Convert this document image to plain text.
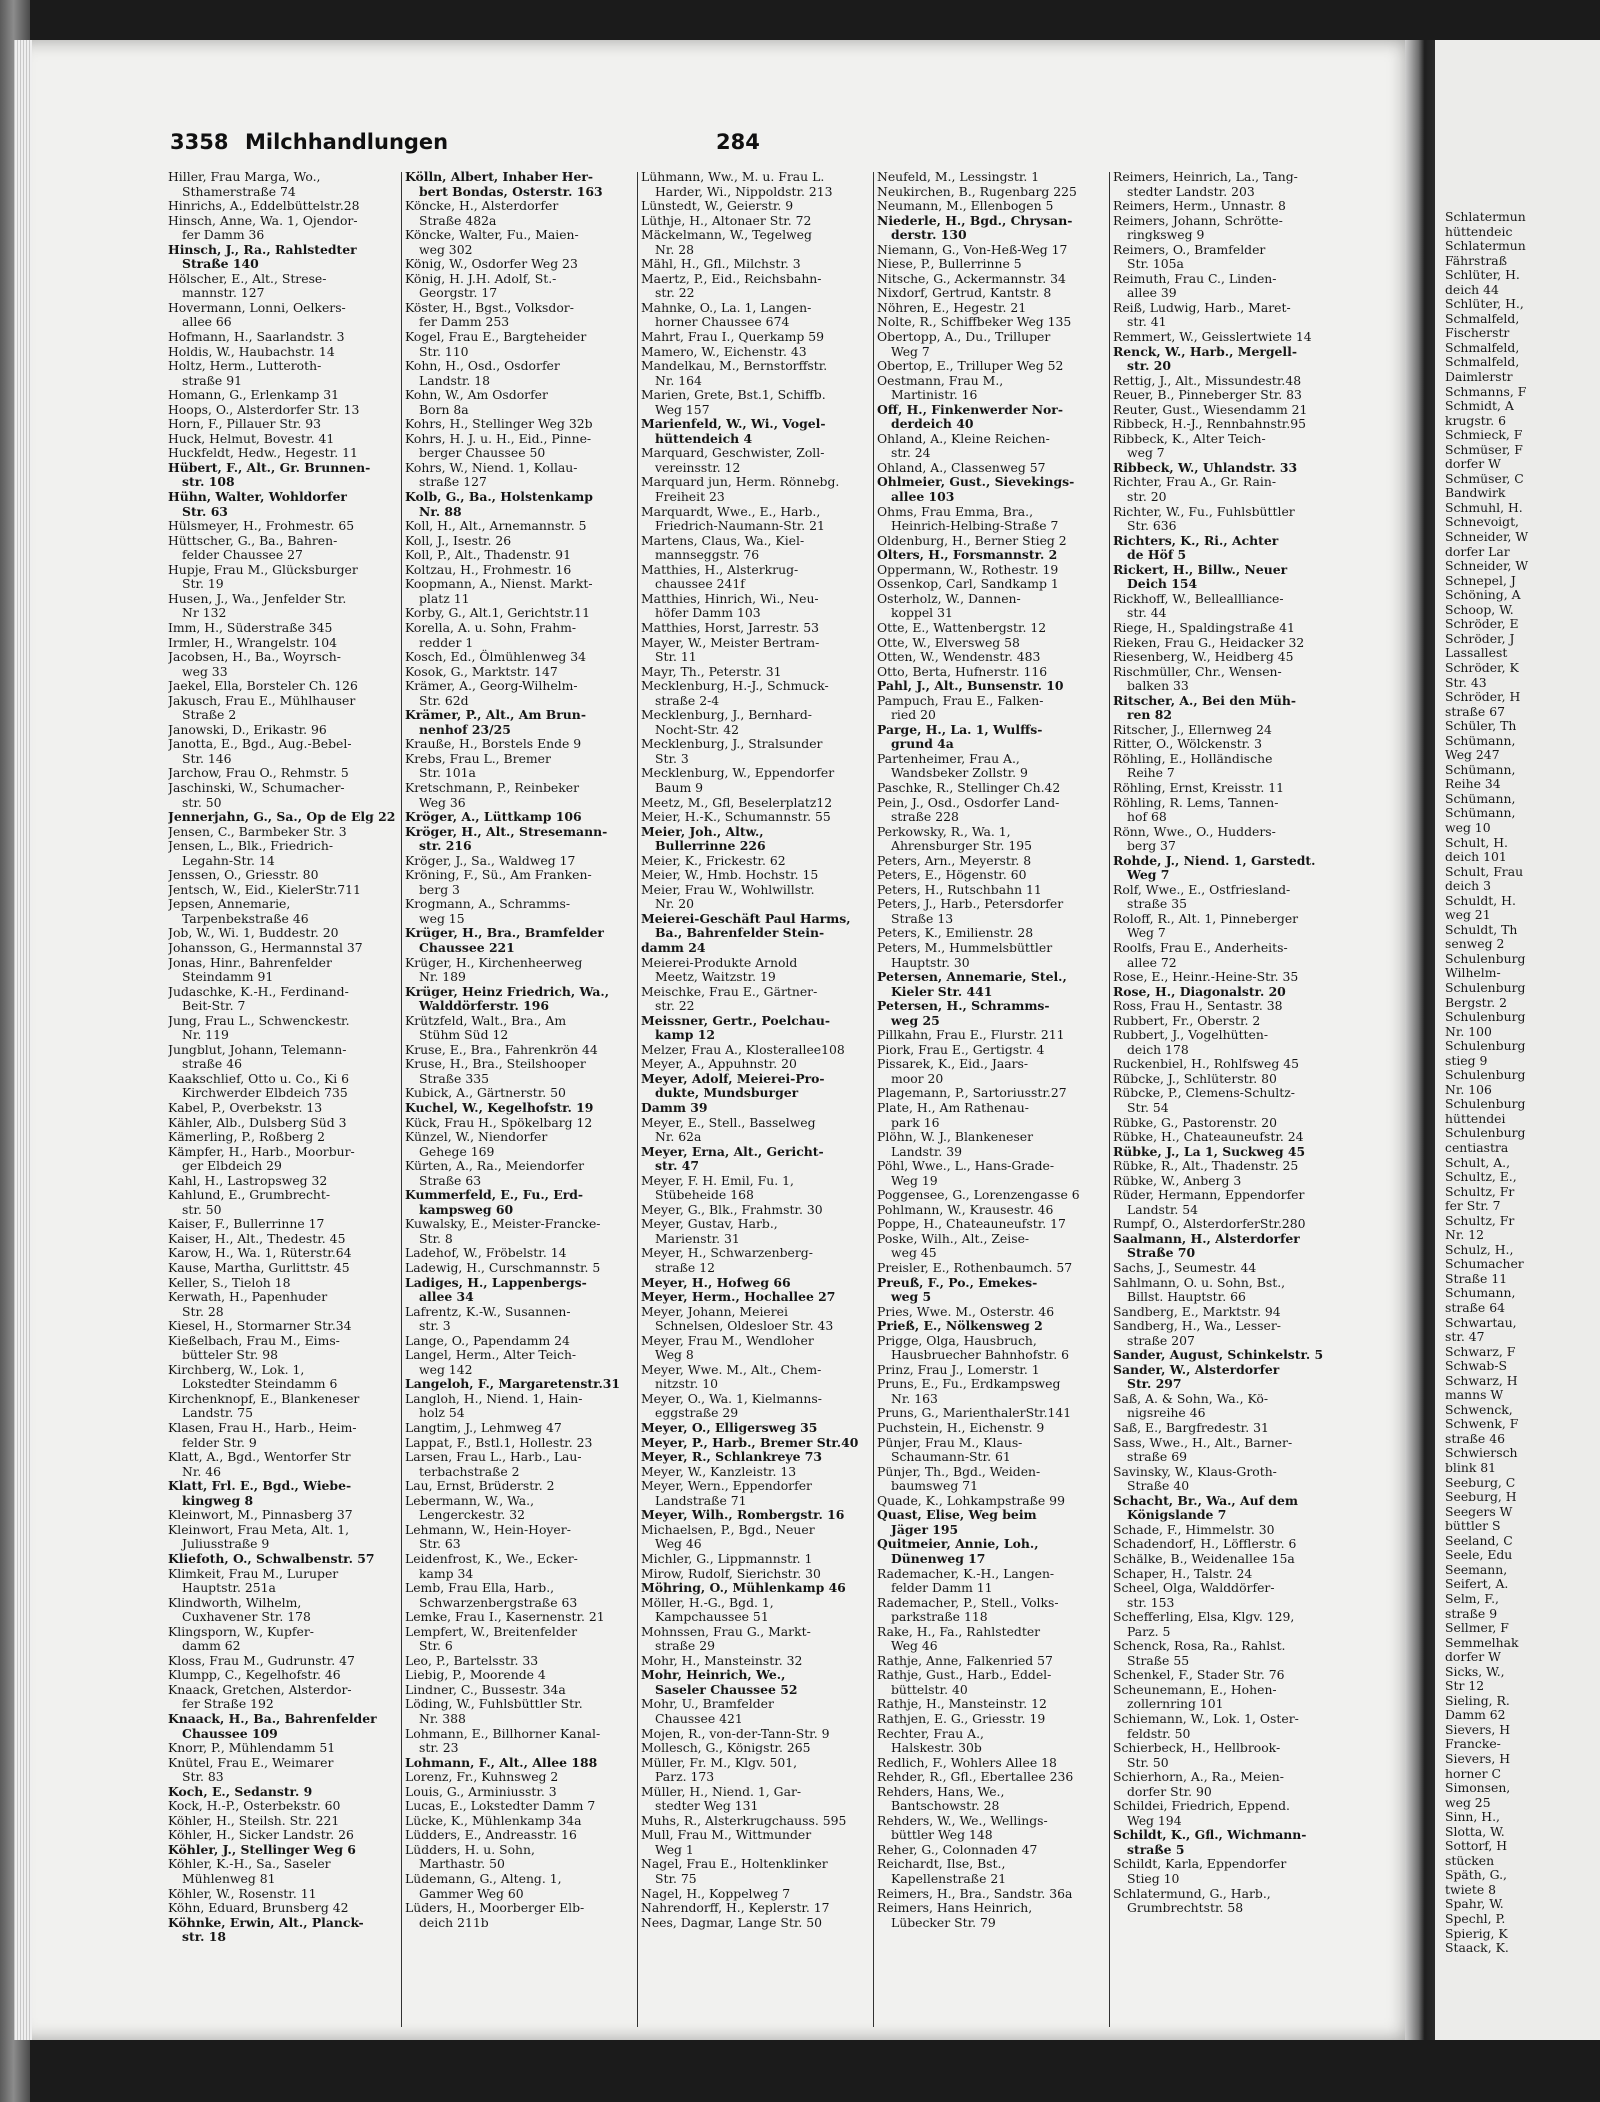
Schlatermun
hüttendeic
Schlatermun
Fährstraß
Schlüter, H.
deich 44
Schlüter, H.,
Schmalfeld,
Fischerstr
Schmalfeld,
Schmalfeld,
Daimlerstr
Schmanns, F
Schmidt, A
krugstr. 6
Schmieck, F
Schmüser, F
dorfer W
Schmüser, C
Bandwirk
Schmuhl, H.
Schnevoigt,
Schneider, W
dorfer Lar
Schneider, W
Schnepel, J
Schöning, A
Schoop, W.
Schröder, E
Schröder, J
Lassallest
Schröder, K
Str. 43
Schröder, H
straße 67
Schüler, Th
Schümann,
Weg 247
Schümann,
Reihe 34
Schümann,
Schümann,
weg 10
Schult, H.
deich 101
Schult, Frau
deich 3
Schuldt, H.
weg 21
Schuldt, Th
senweg 2
Schulenburg
Wilhelm-
Schulenburg
Bergstr. 2
Schulenburg
Nr. 100
Schulenburg
stieg 9
Schulenburg
Nr. 106
Schulenburg
hüttendei
Schulenburg
centiastra
Schult, A.,
Schultz, E.,
Schultz, Fr
fer Str. 7
Schultz, Fr
Nr. 12
Schulz, H.,
Schumacher
Straße 11
Schumann,
straße 64
Schwartau,
str. 47
Schwarz, F
Schwab-S
Schwarz, H
manns W
Schwenck,
Schwenk, F
straße 46
Schwiersch
blink 81
Seeburg, C
Seeburg, H
Seegers W
büttler S
Seeland, C
Seele, Edu
Seemann,
Seifert, A.
Selm, F.,
straße 9
Sellmer, F
Semmelhak
dorfer W
Sicks, W.,
Str 12
Sieling, R.
Damm 62
Sievers, H
Francke-
Sievers, H
horner C
Simonsen,
weg 25
Sinn, H.,
Slotta, W.
Sottorf, H
stücken
Späth, G.,
twiete 8
Spahr, W.
Spechl, P.
Spierig, K
Staack, K.
3358 Milchhandlungen	284
Hiller, Frau Marga, Wo.,
Sthamerstraße 74
Hinrichs, A., Eddelbüttelstr.28
Hinsch, Anne, Wa. 1, Ojendor-
fer Damm 36
Hinsch, J., Ra., Rahlstedter
Straße 140
Hölscher, E., Alt., Strese-
mannstr. 127
Hovermann, Lonni, Oelkers-
allee 66
Hofmann, H., Saarlandstr. 3
Holdis, W., Haubachstr. 14
Holtz, Herm., Lutteroth-
straße 91
Homann, G., Erlenkamp 31
Hoops, O., Alsterdorfer Str. 13
Horn, F., Pillauer Str. 93
Huck, Helmut, Bovestr. 41
Huckfeldt, Hedw., Hegestr. 11
Hübert, F., Alt., Gr. Brunnen-
str. 108
Hühn, Walter, Wohldorfer
Str. 63
Hülsmeyer, H., Frohmestr. 65
Hüttscher, G., Ba., Bahren-
felder Chaussee 27
Hupje, Frau M., Glücksburger
Str. 19
Husen, J., Wa., Jenfelder Str.
Nr 132
Imm, H., Süderstraße 345
Irmler, H., Wrangelstr. 104
Jacobsen, H., Ba., Woyrsch-
weg 33
Jaekel, Ella, Borsteler Ch. 126
Jakusch, Frau E., Mühlhauser
Straße 2
Janowski, D., Erikastr. 96
Janotta, E., Bgd., Aug.-Bebel-
Str. 146
Jarchow, Frau O., Rehmstr. 5
Jaschinski, W., Schumacher-
str. 50
Jennerjahn, G., Sa., Op de Elg 22
Jensen, C., Barmbeker Str. 3
Jensen, L., Blk., Friedrich-
Legahn-Str. 14
Jenssen, O., Griesstr. 80
Jentsch, W., Eid., KielerStr.711
Jepsen, Annemarie,
Tarpenbekstraße 46
Job, W., Wi. 1, Buddestr. 20
Johansson, G., Hermannstal 37
Jonas, Hinr., Bahrenfelder
Steindamm 91
Judaschke, K.-H., Ferdinand-
Beit-Str. 7
Jung, Frau L., Schwenckestr.
Nr. 119
Jungblut, Johann, Telemann-
straße 46
Kaakschlief, Otto u. Co., Ki 6
Kirchwerder Elbdeich 735
Kabel, P., Overbekstr. 13
Kähler, Alb., Dulsberg Süd 3
Kämerling, P., Roßberg 2
Kämpfer, H., Harb., Moorbur-
ger Elbdeich 29
Kahl, H., Lastropsweg 32
Kahlund, E., Grumbrecht-
str. 50
Kaiser, F., Bullerrinne 17
Kaiser, H., Alt., Thedestr. 45
Karow, H., Wa. 1, Rüterstr.64
Kause, Martha, Gurlittstr. 45
Keller, S., Tieloh 18
Kerwath, H., Papenhuder
Str. 28
Kiesel, H., Stormarner Str.34
Kießelbach, Frau M., Eims-
bütteler Str. 98
Kirchberg, W., Lok. 1,
Lokstedter Steindamm 6
Kirchenknopf, E., Blankeneser
Landstr. 75
Klasen, Frau H., Harb., Heim-
felder Str. 9
Klatt, A., Bgd., Wentorfer Str
Nr. 46
Klatt, Frl. E., Bgd., Wiebe-
kingweg 8
Kleinwort, M., Pinnasberg 37
Kleinwort, Frau Meta, Alt. 1,
Juliusstraße 9
Kliefoth, O., Schwalbenstr. 57
Klimkeit, Frau M., Luruper
Hauptstr. 251a
Klindworth, Wilhelm,
Cuxhavener Str. 178
Klingsporn, W., Kupfer-
damm 62
Kloss, Frau M., Gudrunstr. 47
Klumpp, C., Kegelhofstr. 46
Knaack, Gretchen, Alsterdor-
fer Straße 192
Knaack, H., Ba., Bahrenfelder
Chaussee 109
Knorr, P., Mühlendamm 51
Knütel, Frau E., Weimarer
Str. 83
Koch, E., Sedanstr. 9
Kock, H.-P., Osterbekstr. 60
Köhler, H., Steilsh. Str. 221
Köhler, H., Sicker Landstr. 26
Köhler, J., Stellinger Weg 6
Köhler, K.-H., Sa., Saseler
Mühlenweg 81
Köhler, W., Rosenstr. 11
Köhn, Eduard, Brunsberg 42
Köhnke, Erwin, Alt., Planck-
str. 18
Kölln, Albert, Inhaber Her-
bert Bondas, Osterstr. 163
Köncke, H., Alsterdorfer
Straße 482a
Köncke, Walter, Fu., Maien-
weg 302
König, W., Osdorfer Weg 23
König, H. J.H. Adolf, St.-
Georgstr. 17
Köster, H., Bgst., Volksdor-
fer Damm 253
Kogel, Frau E., Bargteheider
Str. 110
Kohn, H., Osd., Osdorfer
Landstr. 18
Kohn, W., Am Osdorfer
Born 8a
Kohrs, H., Stellinger Weg 32b
Kohrs, H. J. u. H., Eid., Pinne-
berger Chaussee 50
Kohrs, W., Niend. 1, Kollau-
straße 127
Kolb, G., Ba., Holstenkamp
Nr. 88
Koll, H., Alt., Arnemannstr. 5
Koll, J., Isestr. 26
Koll, P., Alt., Thadenstr. 91
Koltzau, H., Frohmestr. 16
Koopmann, A., Nienst. Markt-
platz 11
Korby, G., Alt.1, Gerichtstr.11
Korella, A. u. Sohn, Frahm-
redder 1
Kosch, Ed., Ölmühlenweg 34
Kosok, G., Marktstr. 147
Krämer, A., Georg-Wilhelm-
Str. 62d
Krämer, P., Alt., Am Brun-
nenhof 23/25
Krauße, H., Borstels Ende 9
Krebs, Frau L., Bremer
Str. 101a
Kretschmann, P., Reinbeker
Weg 36
Kröger, A., Lüttkamp 106
Kröger, H., Alt., Stresemann-
str. 216
Kröger, J., Sa., Waldweg 17
Kröning, F., Sü., Am Franken-
berg 3
Krogmann, A., Schramms-
weg 15
Krüger, H., Bra., Bramfelder
Chaussee 221
Krüger, H., Kirchenheerweg
Nr. 189
Krüger, Heinz Friedrich, Wa.,
Walddörferstr. 196
Krützfeld, Walt., Bra., Am
Stühm Süd 12
Kruse, E., Bra., Fahrenkrön 44
Kruse, H., Bra., Steilshooper
Straße 335
Kubick, A., Gärtnerstr. 50
Kuchel, W., Kegelhofstr. 19
Kück, Frau H., Spökelbarg 12
Künzel, W., Niendorfer
Gehege 169
Kürten, A., Ra., Meiendorfer
Straße 63
Kummerfeld, E., Fu., Erd-
kampsweg 60
Kuwalsky, E., Meister-Francke-
Str. 8
Ladehof, W., Fröbelstr. 14
Ladewig, H., Curschmannstr. 5
Ladiges, H., Lappenbergs-
allee 34
Lafrentz, K.-W., Susannen-
str. 3
Lange, O., Papendamm 24
Langel, Herm., Alter Teich-
weg 142
Langeloh, F., Margaretenstr.31
Langloh, H., Niend. 1, Hain-
holz 54
Langtim, J., Lehmweg 47
Lappat, F., Bstl.1, Hollestr. 23
Larsen, Frau L., Harb., Lau-
terbachstraße 2
Lau, Ernst, Brüderstr. 2
Lebermann, W., Wa.,
Lengerckestr. 32
Lehmann, W., Hein-Hoyer-
Str. 63
Leidenfrost, K., We., Ecker-
kamp 34
Lemb, Frau Ella, Harb.,
Schwarzenbergstraße 63
Lemke, Frau I., Kasernenstr. 21
Lempfert, W., Breitenfelder
Str. 6
Leo, P., Bartelsstr. 33
Liebig, P., Moorende 4
Lindner, C., Bussestr. 34a
Löding, W., Fuhlsbüttler Str.
Nr. 388
Lohmann, E., Billhorner Kanal-
str. 23
Lohmann, F., Alt., Allee 188
Lorenz, Fr., Kuhnsweg 2
Louis, G., Arminiusstr. 3
Lucas, E., Lokstedter Damm 7
Lücke, K., Mühlenkamp 34a
Lüdders, E., Andreasstr. 16
Lüdders, H. u. Sohn,
Marthastr. 50
Lüdemann, G., Alteng. 1,
Gammer Weg 60
Lüders, H., Moorberger Elb-
deich 211b
Lühmann, Ww., M. u. Frau L.
Harder, Wi., Nippoldstr. 213
Lünstedt, W., Geierstr. 9
Lüthje, H., Altonaer Str. 72
Mäckelmann, W., Tegelweg
Nr. 28
Mähl, H., Gfl., Milchstr. 3
Maertz, P., Eid., Reichsbahn-
str. 22
Mahnke, O., La. 1, Langen-
horner Chaussee 674
Mahrt, Frau I., Querkamp 59
Mamero, W., Eichenstr. 43
Mandelkau, M., Bernstorffstr.
Nr. 164
Marien, Grete, Bst.1, Schiffb.
Weg 157
Marienfeld, W., Wi., Vogel-
hüttendeich 4
Marquard, Geschwister, Zoll-
vereinsstr. 12
Marquard jun, Herm. Rönnebg.
Freiheit 23
Marquardt, Wwe., E., Harb.,
Friedrich-Naumann-Str. 21
Martens, Claus, Wa., Kiel-
mannseggstr. 76
Matthies, H., Alsterkrug-
chaussee 241f
Matthies, Hinrich, Wi., Neu-
höfer Damm 103
Matthies, Horst, Jarrestr. 53
Mayer, W., Meister Bertram-
Str. 11
Mayr, Th., Peterstr. 31
Mecklenburg, H.-J., Schmuck-
straße 2-4
Mecklenburg, J., Bernhard-
Nocht-Str. 42
Mecklenburg, J., Stralsunder
Str. 3
Mecklenburg, W., Eppendorfer
Baum 9
Meetz, M., Gfl, Beselerplatz12
Meier, H.-K., Schumannstr. 55
Meier, Joh., Altw.,
Bullerrinne 226
Meier, K., Frickestr. 62
Meier, W., Hmb. Hochstr. 15
Meier, Frau W., Wohlwillstr.
Nr. 20
Meierei-Geschäft Paul Harms,
Ba., Bahrenfelder Stein-
damm 24
Meierei-Produkte Arnold
Meetz, Waitzstr. 19
Meischke, Frau E., Gärtner-
str. 22
Meissner, Gertr., Poelchau-
kamp 12
Melzer, Frau A., Klosterallee108
Meyer, A., Appuhnstr. 20
Meyer, Adolf, Meierei-Pro-
dukte, Mundsburger
Damm 39
Meyer, E., Stell., Basselweg
Nr. 62a
Meyer, Erna, Alt., Gericht-
str. 47
Meyer, F. H. Emil, Fu. 1,
Stübeheide 168
Meyer, G., Blk., Frahmstr. 30
Meyer, Gustav, Harb.,
Marienstr. 31
Meyer, H., Schwarzenberg-
straße 12
Meyer, H., Hofweg 66
Meyer, Herm., Hochallee 27
Meyer, Johann, Meierei
Schnelsen, Oldesloer Str. 43
Meyer, Frau M., Wendloher
Weg 8
Meyer, Wwe. M., Alt., Chem-
nitzstr. 10
Meyer, O., Wa. 1, Kielmanns-
eggstraße 29
Meyer, O., Elligersweg 35
Meyer, P., Harb., Bremer Str.40
Meyer, R., Schlankreye 73
Meyer, W., Kanzleistr. 13
Meyer, Wern., Eppendorfer
Landstraße 71
Meyer, Wilh., Rombergstr. 16
Michaelsen, P., Bgd., Neuer
Weg 46
Michler, G., Lippmannstr. 1
Mirow, Rudolf, Sierichstr. 30
Möhring, O., Mühlenkamp 46
Möller, H.-G., Bgd. 1,
Kampchaussee 51
Mohnssen, Frau G., Markt-
straße 29
Mohr, H., Mansteinstr. 32
Mohr, Heinrich, We.,
Saseler Chaussee 52
Mohr, U., Bramfelder
Chaussee 421
Mojen, R., von-der-Tann-Str. 9
Mollesch, G., Königstr. 265
Müller, Fr. M., Klgv. 501,
Parz. 173
Müller, H., Niend. 1, Gar-
stedter Weg 131
Muhs, R., Alsterkrugchauss. 595
Mull, Frau M., Wittmunder
Weg 1
Nagel, Frau E., Holtenklinker
Str. 75
Nagel, H., Koppelweg 7
Nahrendorff, H., Keplerstr. 17
Nees, Dagmar, Lange Str. 50
Neufeld, M., Lessingstr. 1
Neukirchen, B., Rugenbarg 225
Neumann, M., Ellenbogen 5
Niederle, H., Bgd., Chrysan-
derstr. 130
Niemann, G., Von-Heß-Weg 17
Niese, P., Bullerrinne 5
Nitsche, G., Ackermannstr. 34
Nixdorf, Gertrud, Kantstr. 8
Nöhren, E., Hegestr. 21
Nolte, R., Schiffbeker Weg 135
Obertopp, A., Du., Trilluper
Weg 7
Obertop, E., Trilluper Weg 52
Oestmann, Frau M.,
Martinistr. 16
Off, H., Finkenwerder Nor-
derdeich 40
Ohland, A., Kleine Reichen-
str. 24
Ohland, A., Classenweg 57
Ohlmeier, Gust., Sievekings-
allee 103
Ohms, Frau Emma, Bra.,
Heinrich-Helbing-Straße 7
Oldenburg, H., Berner Stieg 2
Olters, H., Forsmannstr. 2
Oppermann, W., Rothestr. 19
Ossenkop, Carl, Sandkamp 1
Osterholz, W., Dannen-
koppel 31
Otte, E., Wattenbergstr. 12
Otte, W., Elversweg 58
Otten, W., Wendenstr. 483
Otto, Berta, Hufnerstr. 116
Pahl, J., Alt., Bunsenstr. 10
Pampuch, Frau E., Falken-
ried 20
Parge, H., La. 1, Wulffs-
grund 4a
Partenheimer, Frau A.,
Wandsbeker Zollstr. 9
Paschke, R., Stellinger Ch.42
Pein, J., Osd., Osdorfer Land-
straße 228
Perkowsky, R., Wa. 1,
Ahrensburger Str. 195
Peters, Arn., Meyerstr. 8
Peters, E., Högenstr. 60
Peters, H., Rutschbahn 11
Peters, J., Harb., Petersdorfer
Straße 13
Peters, K., Emilienstr. 28
Peters, M., Hummelsbüttler
Hauptstr. 30
Petersen, Annemarie, Stel.,
Kieler Str. 441
Petersen, H., Schramms-
weg 25
Pillkahn, Frau E., Flurstr. 211
Piork, Frau E., Gertigstr. 4
Pissarek, K., Eid., Jaars-
moor 20
Plagemann, P., Sartoriusstr.27
Plate, H., Am Rathenau-
park 16
Plöhn, W. J., Blankeneser
Landstr. 39
Pöhl, Wwe., L., Hans-Grade-
Weg 19
Poggensee, G., Lorenzengasse 6
Pohlmann, W., Krausestr. 46
Poppe, H., Chateauneufstr. 17
Poske, Wilh., Alt., Zeise-
weg 45
Preisler, E., Rothenbaumch. 57
Preuß, F., Po., Emekes-
weg 5
Pries, Wwe. M., Osterstr. 46
Prieß, E., Nölkensweg 2
Prigge, Olga, Hausbruch,
Hausbruecher Bahnhofstr. 6
Prinz, Frau J., Lomerstr. 1
Pruns, E., Fu., Erdkampsweg
Nr. 163
Pruns, G., MarienthalerStr.141
Puchstein, H., Eichenstr. 9
Pünjer, Frau M., Klaus-
Schaumann-Str. 61
Pünjer, Th., Bgd., Weiden-
baumsweg 71
Quade, K., Lohkampstraße 99
Quast, Elise, Weg beim
Jäger 195
Quitmeier, Annie, Loh.,
Dünenweg 17
Rademacher, K.-H., Langen-
felder Damm 11
Rademacher, P., Stell., Volks-
parkstraße 118
Rake, H., Fa., Rahlstedter
Weg 46
Rathje, Anne, Falkenried 57
Rathje, Gust., Harb., Eddel-
büttelstr. 40
Rathje, H., Mansteinstr. 12
Rathjen, E. G., Griesstr. 19
Rechter, Frau A.,
Halskestr. 30b
Redlich, F., Wohlers Allee 18
Rehder, R., Gfl., Ebertallee 236
Rehders, Hans, We.,
Bantschowstr. 28
Rehders, W., We., Wellings-
büttler Weg 148
Reher, G., Colonnaden 47
Reichardt, Ilse, Bst.,
Kapellenstraße 21
Reimers, H., Bra., Sandstr. 36a
Reimers, Hans Heinrich,
Lübecker Str. 79
Reimers, Heinrich, La., Tang-
stedter Landstr. 203
Reimers, Herm., Unnastr. 8
Reimers, Johann, Schrötte-
ringksweg 9
Reimers, O., Bramfelder
Str. 105a
Reimuth, Frau C., Linden-
allee 39
Reiß, Ludwig, Harb., Maret-
str. 41
Remmert, W., Geisslertwiete 14
Renck, W., Harb., Mergell-
str. 20
Rettig, J., Alt., Missundestr.48
Reuer, B., Pinneberger Str. 83
Reuter, Gust., Wiesendamm 21
Ribbeck, H.-J., Rennbahnstr.95
Ribbeck, K., Alter Teich-
weg 7
Ribbeck, W., Uhlandstr. 33
Richter, Frau A., Gr. Rain-
str. 20
Richter, W., Fu., Fuhlsbüttler
Str. 636
Richters, K., Ri., Achter
de Höf 5
Rickert, H., Billw., Neuer
Deich 154
Rickhoff, W., Belleallliance-
str. 44
Riege, H., Spaldingstraße 41
Rieken, Frau G., Heidacker 32
Riesenberg, W., Heidberg 45
Rischmüller, Chr., Wensen-
balken 33
Ritscher, A., Bei den Müh-
ren 82
Ritscher, J., Ellernweg 24
Ritter, O., Wölckenstr. 3
Röhling, E., Holländische
Reihe 7
Röhling, Ernst, Kreisstr. 11
Röhling, R. Lems, Tannen-
hof 68
Rönn, Wwe., O., Hudders-
berg 37
Rohde, J., Niend. 1, Garstedt.
Weg 7
Rolf, Wwe., E., Ostfriesland-
straße 35
Roloff, R., Alt. 1, Pinneberger
Weg 7
Roolfs, Frau E., Anderheits-
allee 72
Rose, E., Heinr.-Heine-Str. 35
Rose, H., Diagonalstr. 20
Ross, Frau H., Sentastr. 38
Rubbert, Fr., Oberstr. 2
Rubbert, J., Vogelhütten-
deich 178
Ruckenbiel, H., Rohlfsweg 45
Rübcke, J., Schlüterstr. 80
Rübcke, P., Clemens-Schultz-
Str. 54
Rübke, G., Pastorenstr. 20
Rübke, H., Chateauneufstr. 24
Rübke, J., La 1, Suckweg 45
Rübke, R., Alt., Thadenstr. 25
Rübke, W., Anberg 3
Rüder, Hermann, Eppendorfer
Landstr. 54
Rumpf, O., AlsterdorferStr.280
Saalmann, H., Alsterdorfer
Straße 70
Sachs, J., Seumestr. 44
Sahlmann, O. u. Sohn, Bst.,
Billst. Hauptstr. 66
Sandberg, E., Marktstr. 94
Sandberg, H., Wa., Lesser-
straße 207
Sander, August, Schinkelstr. 5
Sander, W., Alsterdorfer
Str. 297
Saß, A. & Sohn, Wa., Kö-
nigsreihe 46
Saß, E., Bargfredestr. 31
Sass, Wwe., H., Alt., Barner-
straße 69
Savinsky, W., Klaus-Groth-
Straße 40
Schacht, Br., Wa., Auf dem
Königslande 7
Schade, F., Himmelstr. 30
Schadendorf, H., Löfflerstr. 6
Schälke, B., Weidenallee 15a
Schaper, H., Talstr. 24
Scheel, Olga, Walddörfer-
str. 153
Schefferling, Elsa, Klgv. 129,
Parz. 5
Schenck, Rosa, Ra., Rahlst.
Straße 55
Schenkel, F., Stader Str. 76
Scheunemann, E., Hohen-
zollernring 101
Schiemann, W., Lok. 1, Oster-
feldstr. 50
Schierbeck, H., Hellbrook-
Str. 50
Schierhorn, A., Ra., Meien-
dorfer Str. 90
Schildei, Friedrich, Eppend.
Weg 194
Schildt, K., Gfl., Wichmann-
straße 5
Schildt, Karla, Eppendorfer
Stieg 10
Schlatermund, G., Harb.,
Grumbrechtstr. 58
